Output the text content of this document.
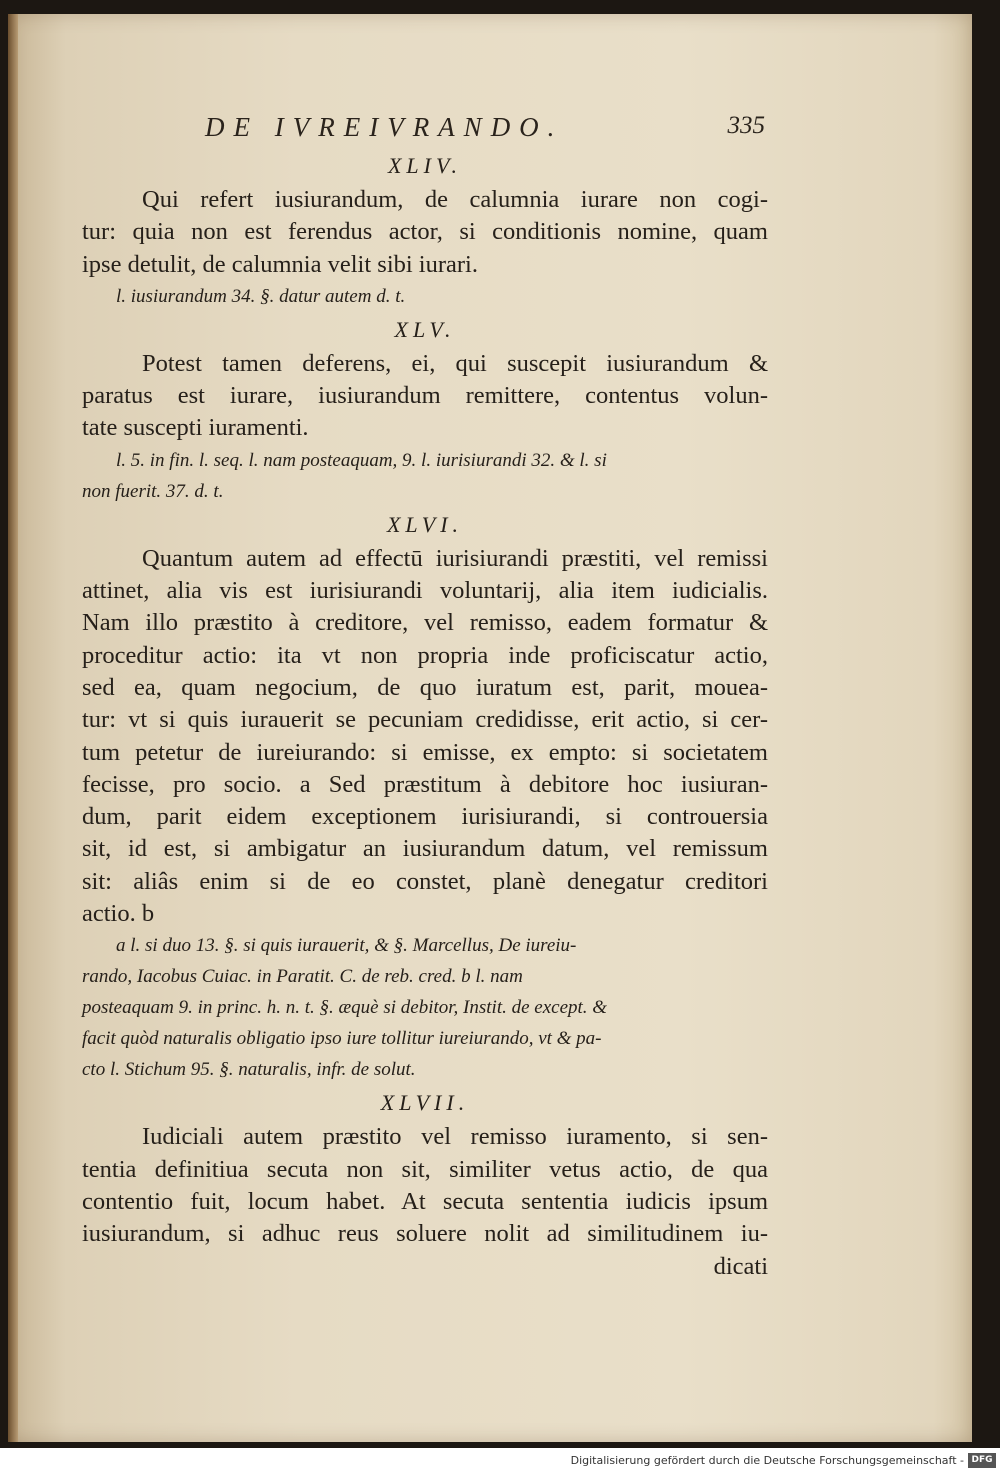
DE IVREIVRANDO.	335
XLIV.
Qui refert iusiurandum, de calumnia iurare non cogi-
tur: quia non est ferendus actor, si conditionis nomine, quam
ipse detulit, de calumnia velit sibi iurari.
l. iusiurandum 34. §. datur autem d. t.
XLV.
Potest tamen deferens, ei, qui suscepit iusiurandum &
paratus est iurare, iusiurandum remittere, contentus volun-
tate suscepti iuramenti.
l. 5. in fin. l. seq. l. nam posteaquam, 9. l. iurisiurandi 32. & l. si
non fuerit. 37. d. t.
XLVI.
Quantum autem ad effectū iurisiurandi præstiti, vel remissi
attinet, alia vis est iurisiurandi voluntarij, alia item iudicialis.
Nam illo præstito à creditore, vel remisso, eadem formatur &
proceditur actio: ita vt non propria inde proficiscatur actio,
sed ea, quam negocium, de quo iuratum est, parit, mouea-
tur: vt si quis iurauerit se pecuniam credidisse, erit actio, si cer-
tum petetur de iureiurando: si emisse, ex empto: si societatem
fecisse, pro socio. a Sed præstitum à debitore hoc iusiuran-
dum, parit eidem exceptionem iurisiurandi, si controuersia
sit, id est, si ambigatur an iusiurandum datum, vel remissum
sit: aliâs enim si de eo constet, planè denegatur creditori
actio. b
a l. si duo 13. §. si quis iurauerit, & §. Marcellus, De iureiu-
rando, Iacobus Cuiac. in Paratit. C. de reb. cred. b l. nam
posteaquam 9. in princ. h. n. t. §. æquè si debitor, Instit. de except. &
facit quòd naturalis obligatio ipso iure tollitur iureiurando, vt & pa-
cto l. Stichum 95. §. naturalis, infr. de solut.
XLVII.
Iudiciali autem præstito vel remisso iuramento, si sen-
tentia definitiua secuta non sit, similiter vetus actio, de qua
contentio fuit, locum habet. At secuta sententia iudicis ipsum
iusiurandum, si adhuc reus soluere nolit ad similitudinem iu-
dicati
Digitalisierung gefördert durch die Deutsche Forschungsgemeinschaft - DFG
